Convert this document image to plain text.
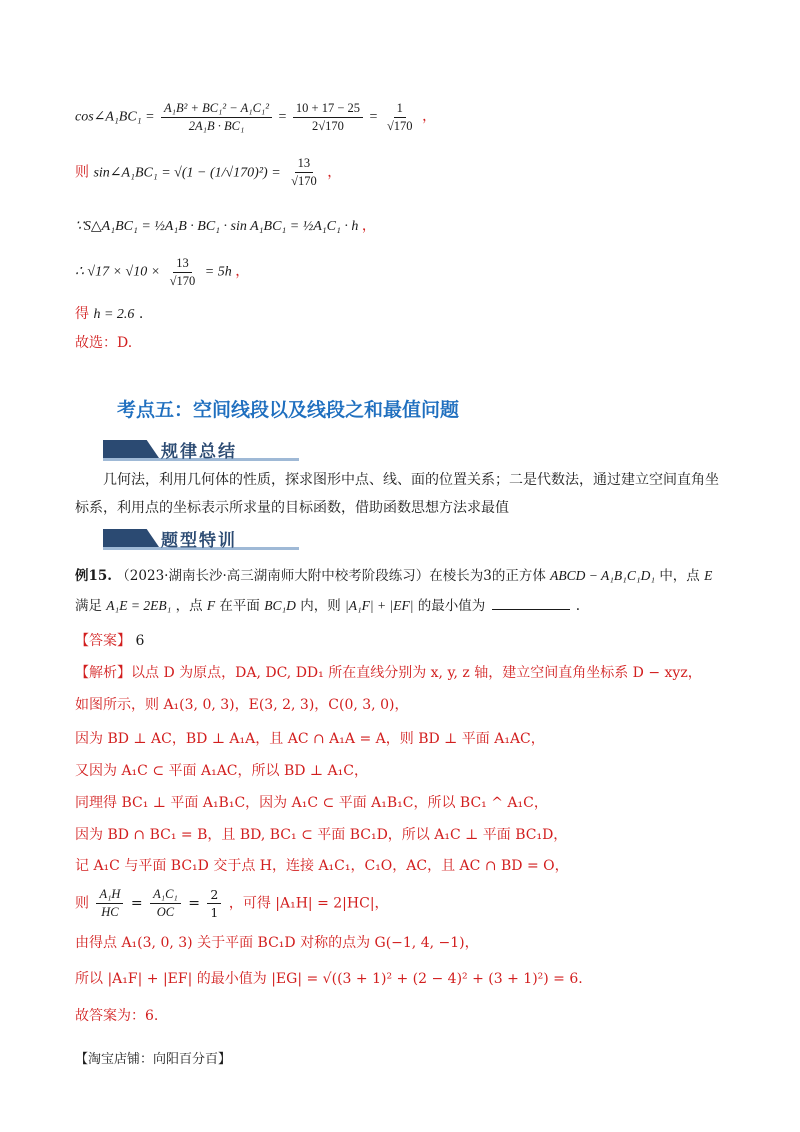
cos∠A₁BC₁ = $\frac{\text{A₁B² + BC₁² − A₁C₁²}}{\text{2A₁B · BC₁}} = \frac{10 + 17 - 25}{2√170} = \frac{1}{√170}$ ，
则 sin∠A₁BC₁ = $√(1 - (1/√170)^2) = \frac{13}{√170}$ ，
∵S△A₁BC₁ = ½A₁B · BC₁ · sin A₁BC₁ = ½A₁C₁ · h ，
∴ $√17 \times √10 \times \frac{13}{√170} = 5h$ ，
得 h = 2.6 .
故选：D.
考点五：空间线段以及线段之和最值问题
规律总结
几何法，利用几何体的性质，探求图形中点、线、面的位置关系；二是代数法，通过建立空间直角坐标系，利用点的坐标表示所求量的目标函数，借助函数思想方法求最值
题型特训
例15. （2023·湖南长沙·高三湖南师大附中校考阶段练习）在棱长为3的正方体 ABCD − A₁B₁C₁D₁ 中，点 E
满足 A₁E = 2EB₁ ，点 F 在平面 BC₁D 内，则 |A₁F| + |EF| 的最小值为	.
【答案】 6
【解析】以点 D 为原点，DA, DC, DD₁ 所在直线分别为 x, y, z 轴，建立空间直角坐标系 D − xyz，
如图所示，则 A₁(3, 0, 3)，E(3, 2, 3)，C(0, 3, 0)，
因为 BD ⊥ AC，BD ⊥ A₁A，且 AC ∩ A₁A = A，则 BD ⊥ 平面 A₁AC，
又因为 A₁C ⊂ 平面 A₁AC，所以 BD ⊥ A₁C，
同理得 BC₁ ⊥ 平面 A₁B₁C，因为 A₁C ⊂ 平面 A₁B₁C，所以 BC₁ ^ A₁C，
因为 BD ∩ BC₁ = B，且 BD, BC₁ ⊂ 平面 BC₁D，所以 A₁C ⊥ 平面 BC₁D，
记 A₁C 与平面 BC₁D 交于点 H，连接 A₁C₁，C₁O，AC，且 AC ∩ BD = O，
则 $\frac{\text{A₁H}}{HC} = \frac{\text{A₁C₁}}{OC} = \frac{2}{1}$ ，可得 |A₁H| = 2|HC|，
由得点 A₁(3, 0, 3) 关于平面 BC₁D 对称的点为 G(−1, 4, −1)，
所以 |A₁F| + |EF| 的最小值为 |EG| = √((3 + 1)² + (2 − 4)² + (3 + 1)²) = 6.
故答案为：6.
【淘宝店铺：向阳百分百】
